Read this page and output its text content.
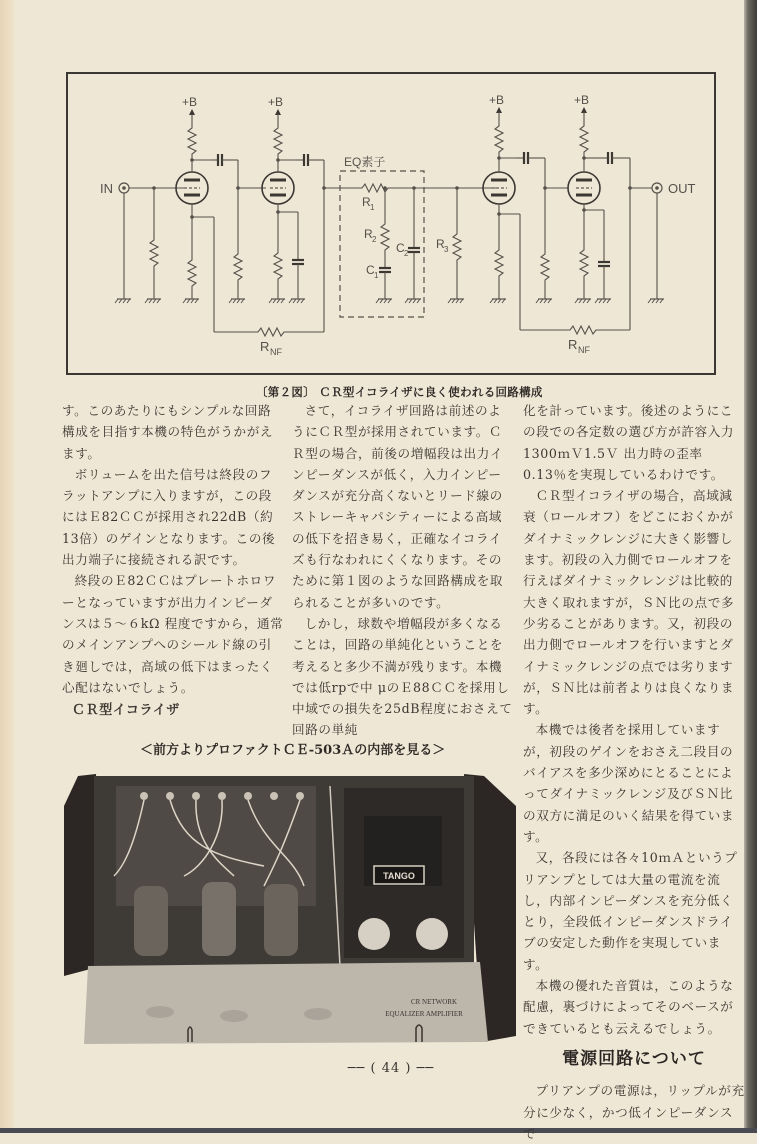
IN
+B	+B
R NF
EQ素子
R 1
R 2
C 1
C 2
R 3
+B	+B
OUT
R NF
〔第２図〕 ＣＲ型イコライザに良く使われる回路構成

す。このあたりにもシンプルな回路構成を目指す本機の特色がうかがえます。

ボリュームを出た信号は終段のフラットアンプに入りますが，この段にはＥ82ＣＣが採用され22dB（約13倍）のゲインとなります。この後出力端子に接続される訳です。

終段のＥ82ＣＣはプレートホロワーとなっていますが出力インピーダンスは５～６kΩ 程度ですから，通常のメインアンプへのシールド線の引き廻しでは，高域の低下はまったく心配はないでしょう。

ＣＲ型イコライザ

さて，イコライザ回路は前述のようにＣＲ型が採用されています。ＣＲ型の場合，前後の増幅段は出力インピーダンスが低く，入力インピーダンスが充分高くないとリード線のストレーキャパシティーによる高域の低下を招き易く，正確なイコライズも行なわれにくくなります。そのために第１図のような回路構成を取られることが多いのです。

しかし，球数や増幅段が多くなることは，回路の単純化ということを考えると多少不満が残ります。本機では低rpで中 μのＥ88ＣＣを採用し中域での損失を25dB程度におさえて回路の単純

化を計っています。後述のようにこの段での各定数の選び方が許容入力1300ｍＶ1.5Ｖ 出力時の歪率0.13％を実現しているわけです。

ＣＲ型イコライザの場合，高域減衰（ロールオフ）をどこにおくかがダイナミックレンジに大きく影響します。初段の入力側でロールオフを行えばダイナミックレンジは比較的大きく取れますが，ＳＮ比の点で多少劣ることがあります。又，初段の出力側でロールオフを行いますとダイナミックレンジの点では劣りますが，ＳＮ比は前者よりは良くなります。

本機では後者を採用していますが，初段のゲインをおさえ二段目のバイアスを多少深めにとることによってダイナミックレンジ及びＳＮ比の双方に満足のいく結果を得ています。

又，各段には各々10ｍＡというプリアンプとしては大量の電流を流し，内部インピーダンスを充分低くとり，全段低インピーダンスドライブの安定した動作を実現しています。

本機の優れた音質は，このような配慮，裏づけによってそのベースができているとも云えるでしょう。

電源回路について

プリアンプの電源は，リップルが充分に少なく，かつ低インピーダンスで

＜前方よりプロファクトＣＥ-503Ａの内部を見る＞
TANGO
CR NETWORK
EQUALIZER AMPLIFIER
── ( 44 ) ──
